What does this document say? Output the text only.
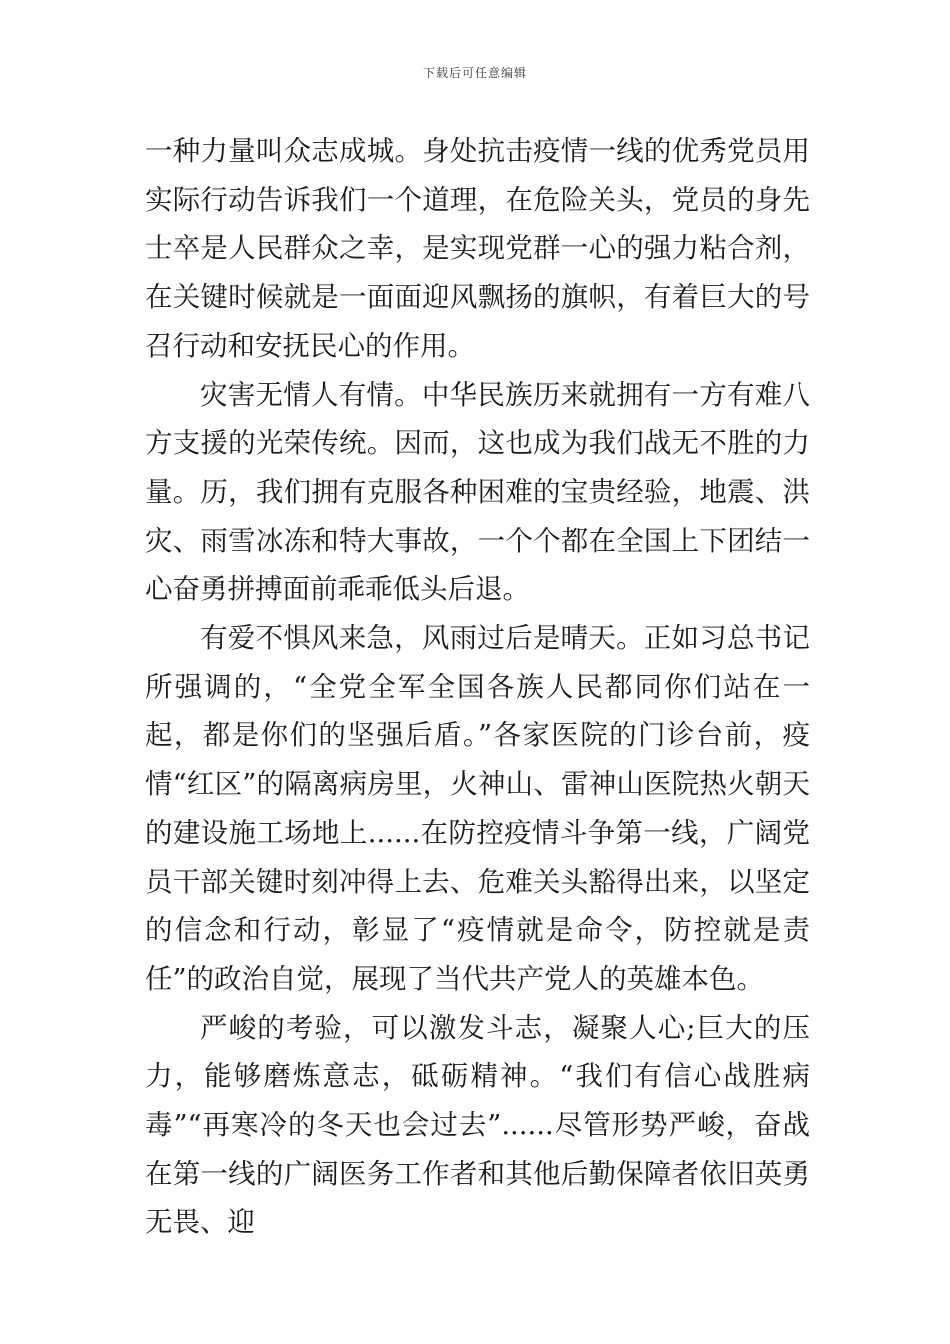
下载后可任意编辑

一种力量叫众志成城。身处抗击疫情一线的优秀党员用实际行动告诉我们一个道理，在危险关头，党员的身先士卒是人民群众之幸，是实现党群一心的强力粘合剂，在关键时候就是一面面迎风飘扬的旗帜，有着巨大的号召行动和安抚民心的作用。

灾害无情人有情。中华民族历来就拥有一方有难八方支援的光荣传统。因而，这也成为我们战无不胜的力量。历，我们拥有克服各种困难的宝贵经验，地震、洪灾、雨雪冰冻和特大事故，一个个都在全国上下团结一心奋勇拼搏面前乖乖低头后退。

有爱不惧风来急，风雨过后是晴天。正如习总书记所强调的，“全党全军全国各族人民都同你们站在一起，都是你们的坚强后盾。”各家医院的门诊台前，疫情“红区”的隔离病房里，火神山、雷神山医院热火朝天的建设施工场地上......在防控疫情斗争第一线，广阔党员干部关键时刻冲得上去、危难关头豁得出来，以坚定的信念和行动，彰显了“疫情就是命令，防控就是责任”的政治自觉，展现了当代共产党人的英雄本色。

严峻的考验，可以激发斗志，凝聚人心;巨大的压力，能够磨炼意志，砥砺精神。“我们有信心战胜病毒”“再寒冷的冬天也会过去”......尽管形势严峻，奋战在第一线的广阔医务工作者和其他后勤保障者依旧英勇无畏、迎
